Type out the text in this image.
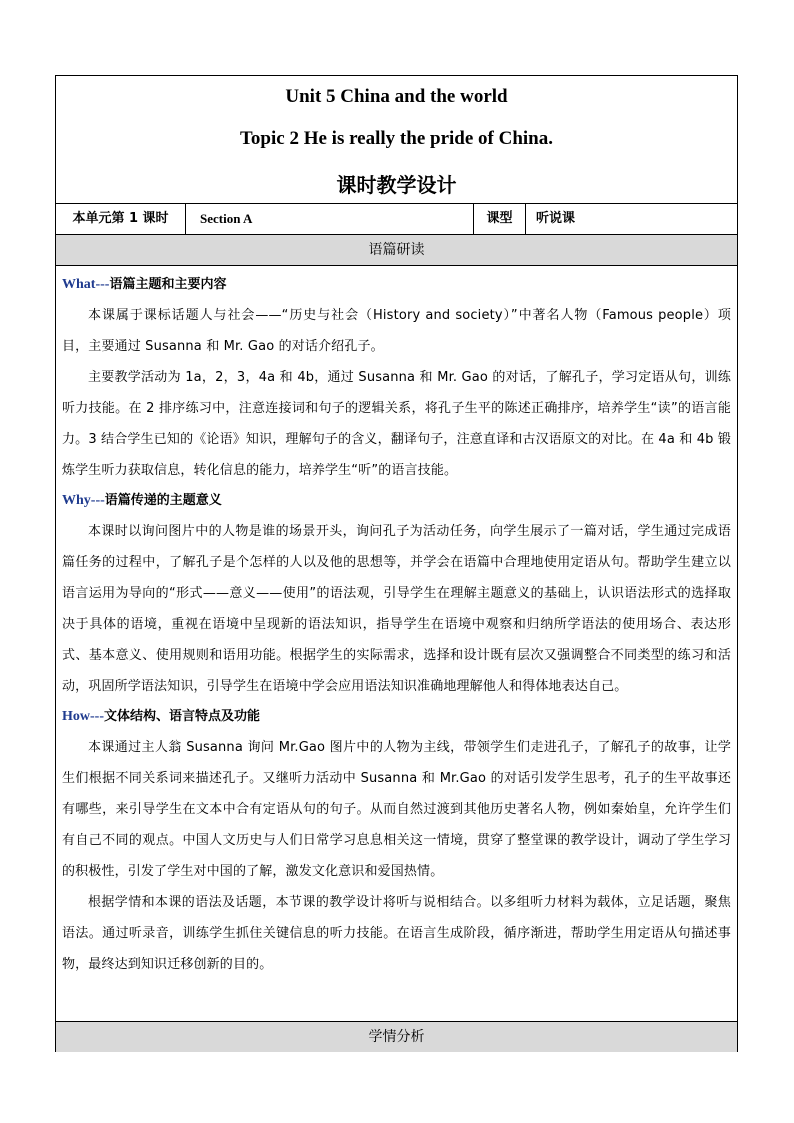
Unit 5 China and the world
Topic 2 He is really the pride of China.
课时教学设计
本单元第 1 课时	Section A	课型	听说课
语篇研读
What---语篇主题和主要内容

本课属于课标话题人与社会——“历史与社会（History and society）”中著名人物（Famous people）项目，主要通过 Susanna 和 Mr. Gao 的对话介绍孔子。

主要教学活动为 1a，2，3，4a 和 4b，通过 Susanna 和 Mr. Gao 的对话，了解孔子，学习定语从句，训练听力技能。在 2 排序练习中，注意连接词和句子的逻辑关系，将孔子生平的陈述正确排序，培养学生“读”的语言能力。3 结合学生已知的《论语》知识，理解句子的含义，翻译句子，注意直译和古汉语原文的对比。在 4a 和 4b 锻炼学生听力获取信息，转化信息的能力，培养学生“听”的语言技能。

Why---语篇传递的主题意义

本课时以询问图片中的人物是谁的场景开头，询问孔子为活动任务，向学生展示了一篇对话，学生通过完成语篇任务的过程中，了解孔子是个怎样的人以及他的思想等，并学会在语篇中合理地使用定语从句。帮助学生建立以语言运用为导向的“形式——意义——使用”的语法观，引导学生在理解主题意义的基础上，认识语法形式的选择取决于具体的语境，重视在语境中呈现新的语法知识，指导学生在语境中观察和归纳所学语法的使用场合、表达形式、基本意义、使用规则和语用功能。根据学生的实际需求，选择和设计既有层次又强调整合不同类型的练习和活动，巩固所学语法知识，引导学生在语境中学会应用语法知识准确地理解他人和得体地表达自己。

How---文体结构、语言特点及功能

本课通过主人翁 Susanna 询问 Mr.Gao 图片中的人物为主线，带领学生们走进孔子，了解孔子的故事，让学生们根据不同关系词来描述孔子。又继听力活动中 Susanna 和 Mr.Gao 的对话引发学生思考，孔子的生平故事还有哪些，来引导学生在文本中合有定语从句的句子。从而自然过渡到其他历史著名人物，例如秦始皇，允许学生们有自己不同的观点。中国人文历史与人们日常学习息息相关这一情境，贯穿了整堂课的教学设计，调动了学生学习的积极性，引发了学生对中国的了解，激发文化意识和爱国热情。

根据学情和本课的语法及话题，本节课的教学设计将听与说相结合。以多组听力材料为载体，立足话题，聚焦语法。通过听录音，训练学生抓住关键信息的听力技能。在语言生成阶段，循序渐进，帮助学生用定语从句描述事物，最终达到知识迁移创新的目的。

学情分析
